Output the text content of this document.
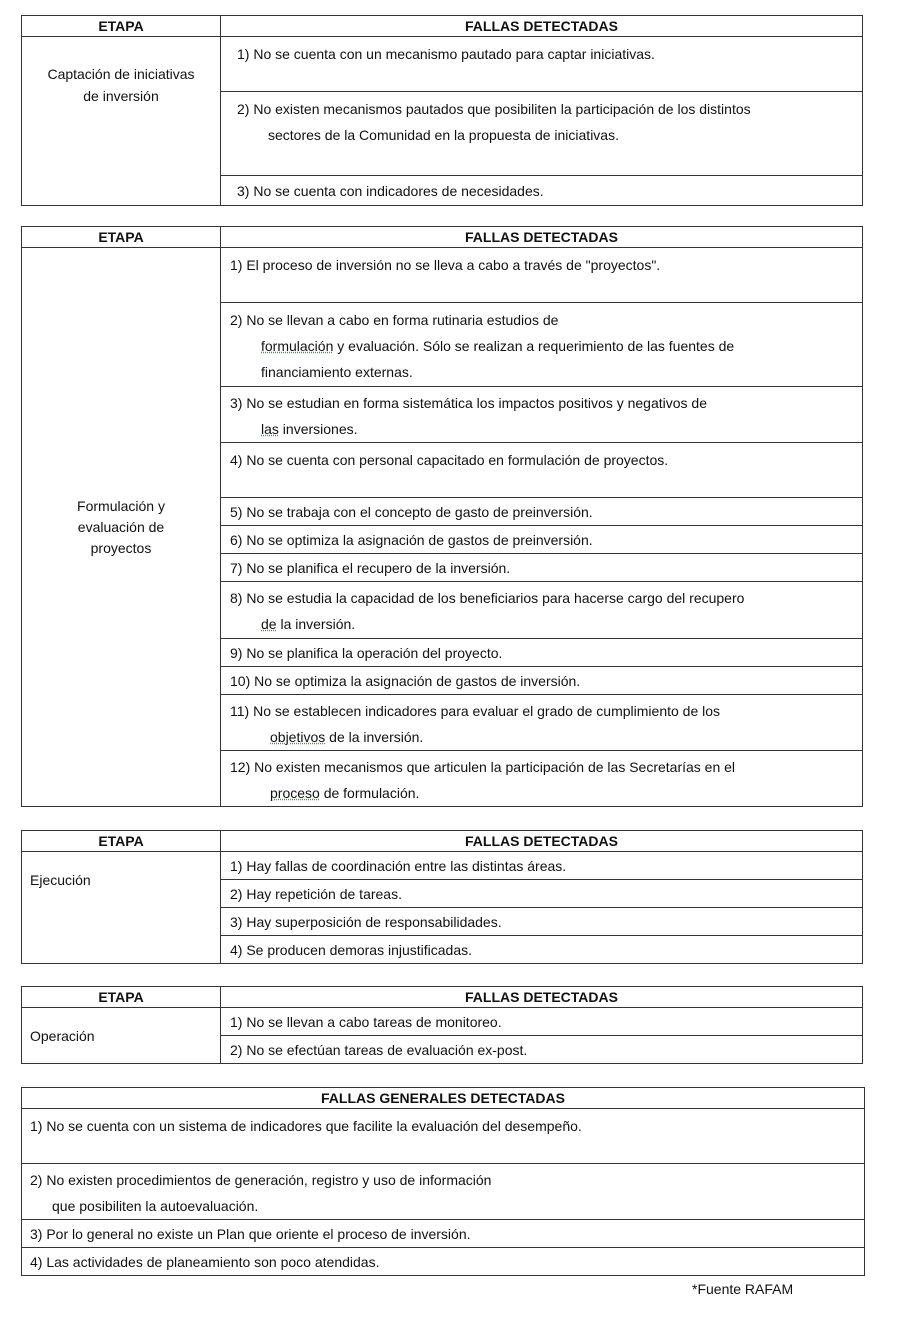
ETAPA	FALLAS DETECTADAS

Captación de iniciativas
de inversión	1) No se cuenta con un mecanismo pautado para captar iniciativas.

	2) No existen mecanismos pautados que posibiliten la participación de los distintos
sectores de la Comunidad en la propuesta de iniciativas.

	3) No se cuenta con indicadores de necesidades.
ETAPA	FALLAS DETECTADAS

Formulación y
evaluación de
proyectos	1) El proceso de inversión no se lleva a cabo a través de "proyectos".

	2) No se llevan a cabo en forma rutinaria estudios de
formulación y evaluación. Sólo se realizan a requerimiento de las fuentes de
financiamiento externas.

	3) No se estudian en forma sistemática los impactos positivos y negativos de
las inversiones.

	4) No se cuenta con personal capacitado en formulación de proyectos.

	5) No se trabaja con el concepto de gasto de preinversión.

	6) No se optimiza la asignación de gastos de preinversión.

	7) No se planifica el recupero de la inversión.

	8) No se estudia la capacidad de los beneficiarios para hacerse cargo del recupero
de la inversión.

	9) No se planifica la operación del proyecto.

	10) No se optimiza la asignación de gastos de inversión.

	11) No se establecen indicadores para evaluar el grado de cumplimiento de los
objetivos de la inversión.

	12) No existen mecanismos que articulen la participación de las Secretarías en el
proceso de formulación.
ETAPA	FALLAS DETECTADAS

Ejecución	1) Hay fallas de coordinación entre las distintas áreas.

	2) Hay repetición de tareas.

	3) Hay superposición de responsabilidades.

	4) Se producen demoras injustificadas.
ETAPA	FALLAS DETECTADAS

Operación	1) No se llevan a cabo tareas de monitoreo.

	2) No se efectúan tareas de evaluación ex-post.
FALLAS GENERALES DETECTADAS

1) No se cuenta con un sistema de indicadores que facilite la evaluación del desempeño.

2) No existen procedimientos de generación, registro y uso de información
que posibiliten la autoevaluación.

3) Por lo general no existe un Plan que oriente el proceso de inversión.

4) Las actividades de planeamiento son poco atendidas.
*Fuente RAFAM
